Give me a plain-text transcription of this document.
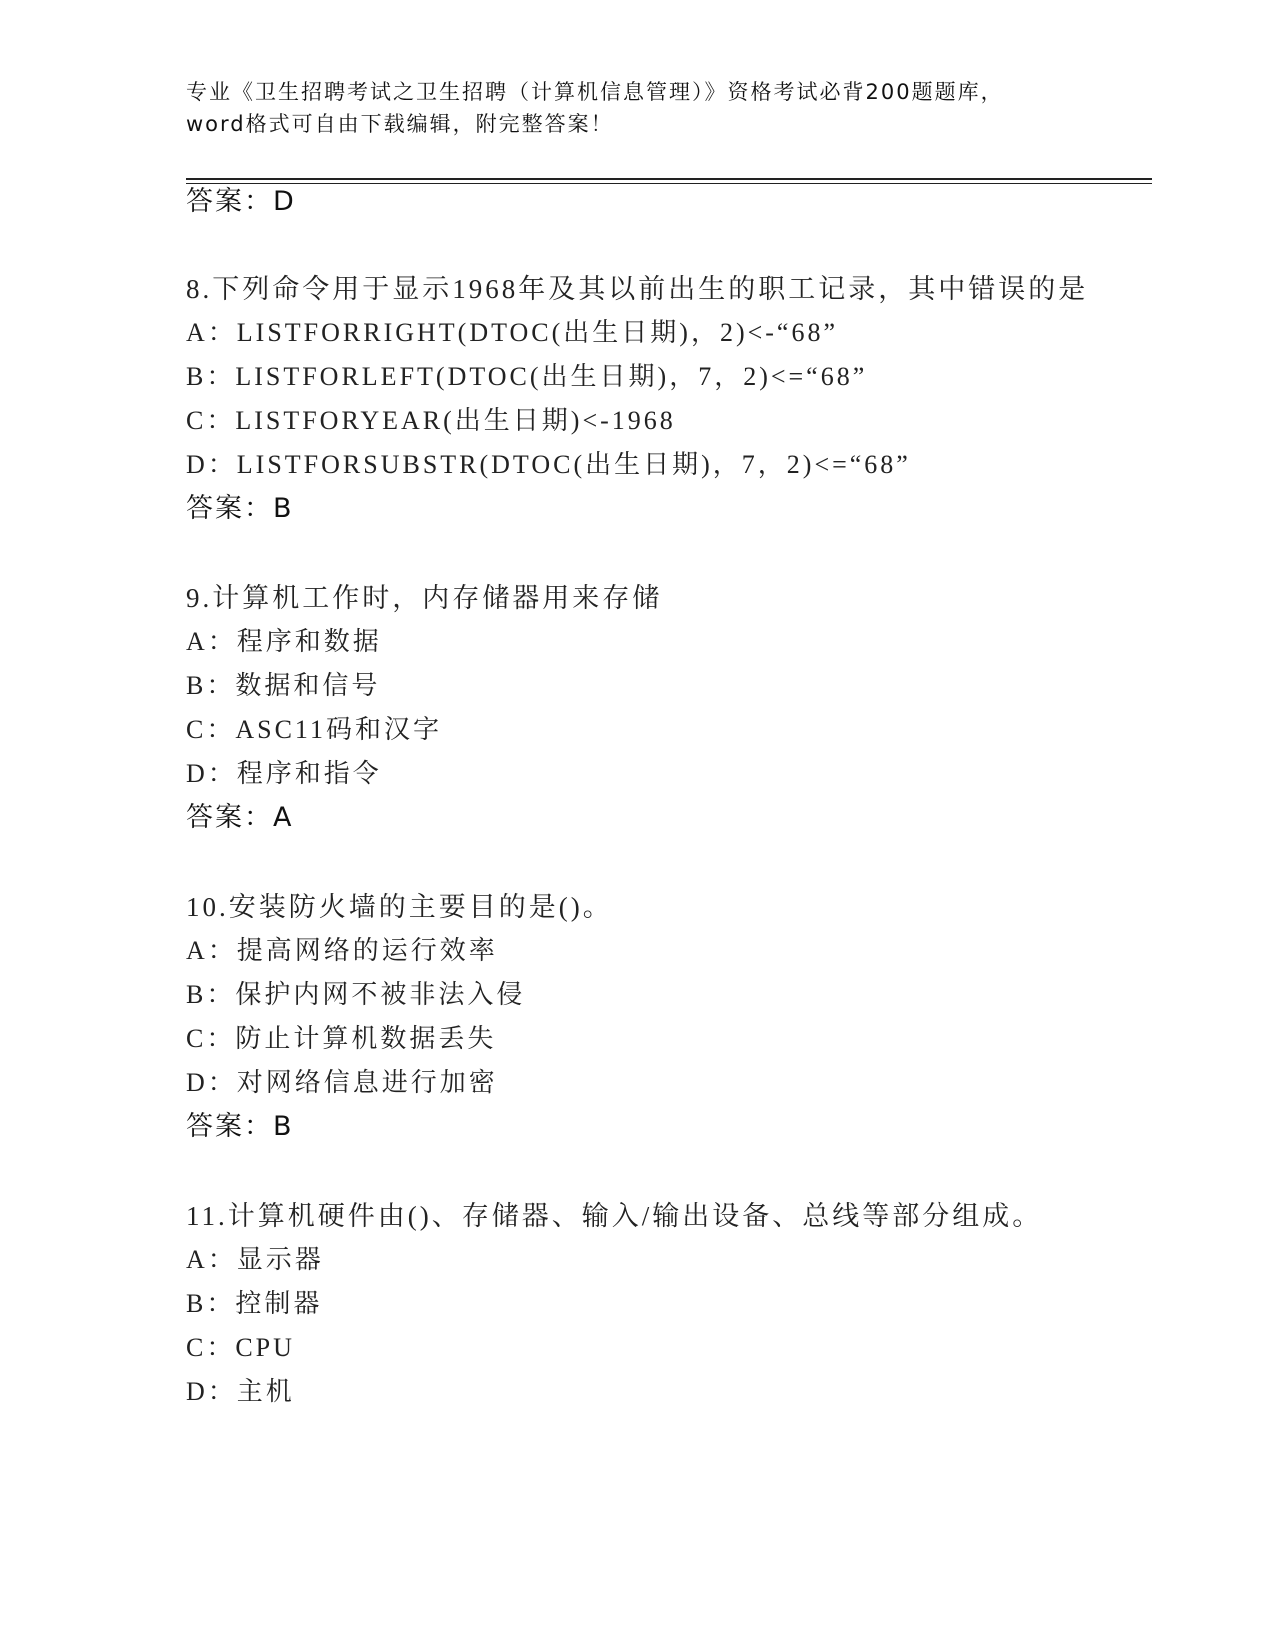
专业《卫生招聘考试之卫生招聘（计算机信息管理）》资格考试必背200题题库，
word格式可自由下载编辑，附完整答案！
答案：D
8.下列命令用于显示1968年及其以前出生的职工记录，其中错误的是
A：LISTFORRIGHT(DTOC(出生日期)，2)<-“68”
B：LISTFORLEFT(DTOC(出生日期)，7，2)<=“68”
C：LISTFORYEAR(出生日期)<-1968
D：LISTFORSUBSTR(DTOC(出生日期)，7，2)<=“68”
答案：B
9.计算机工作时，内存储器用来存储
A：程序和数据
B：数据和信号
C：ASC11码和汉字
D：程序和指令
答案：A
10.安装防火墙的主要目的是()。
A：提高网络的运行效率
B：保护内网不被非法入侵
C：防止计算机数据丢失
D：对网络信息进行加密
答案：B
11.计算机硬件由()、存储器、输入/输出设备、总线等部分组成。
A：显示器
B：控制器
C：CPU
D：主机
